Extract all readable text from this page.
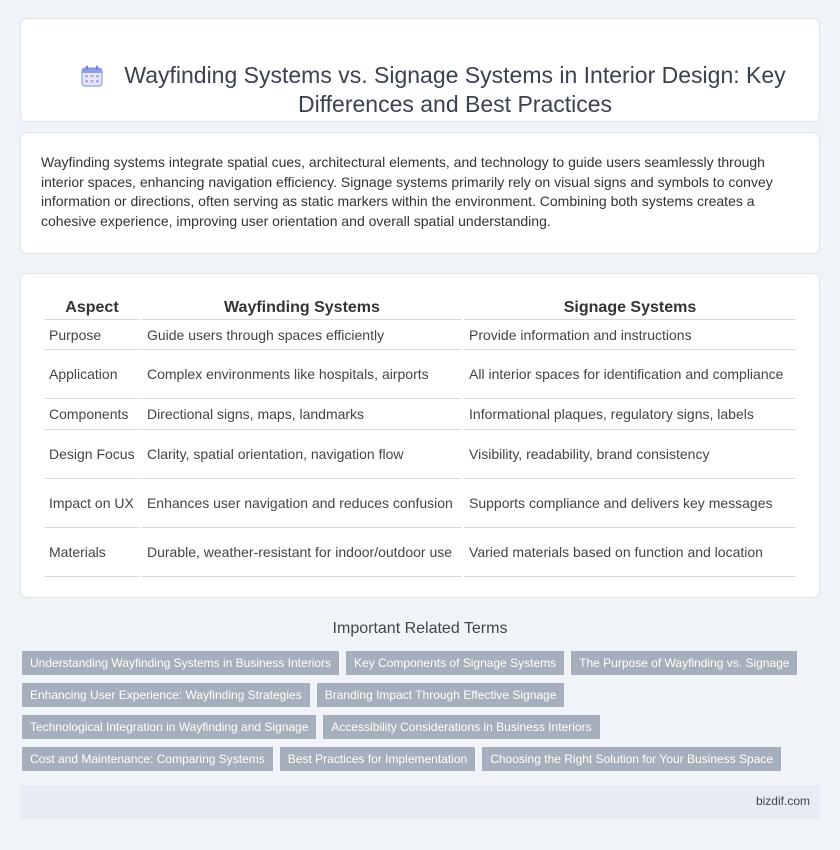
Wayfinding Systems vs. Signage Systems in Interior Design: Key Differences and Best Practices

Wayfinding systems integrate spatial cues, architectural elements, and technology to guide users seamlessly through interior spaces, enhancing navigation efficiency. Signage systems primarily rely on visual signs and symbols to convey information or directions, often serving as static markers within the environment. Combining both systems creates a cohesive experience, improving user orientation and overall spatial understanding.

Aspect	Wayfinding Systems	Signage Systems
Purpose	Guide users through spaces efficiently	Provide information and instructions
Application	Complex environments like hospitals, airports	All interior spaces for identification and compliance
Components	Directional signs, maps, landmarks	Informational plaques, regulatory signs, labels
Design Focus	Clarity, spatial orientation, navigation flow	Visibility, readability, brand consistency
Impact on UX	Enhances user navigation and reduces confusion	Supports compliance and delivers key messages
Materials	Durable, weather-resistant for indoor/outdoor use	Varied materials based on function and location
Important Related Terms
Understanding Wayfinding Systems in Business Interiors	Key Components of Signage Systems	The Purpose of Wayfinding vs. Signage
Enhancing User Experience: Wayfinding Strategies	Branding Impact Through Effective Signage
Technological Integration in Wayfinding and Signage	Accessibility Considerations in Business Interiors
Cost and Maintenance: Comparing Systems	Best Practices for Implementation	Choosing the Right Solution for Your Business Space
bizdif.com
